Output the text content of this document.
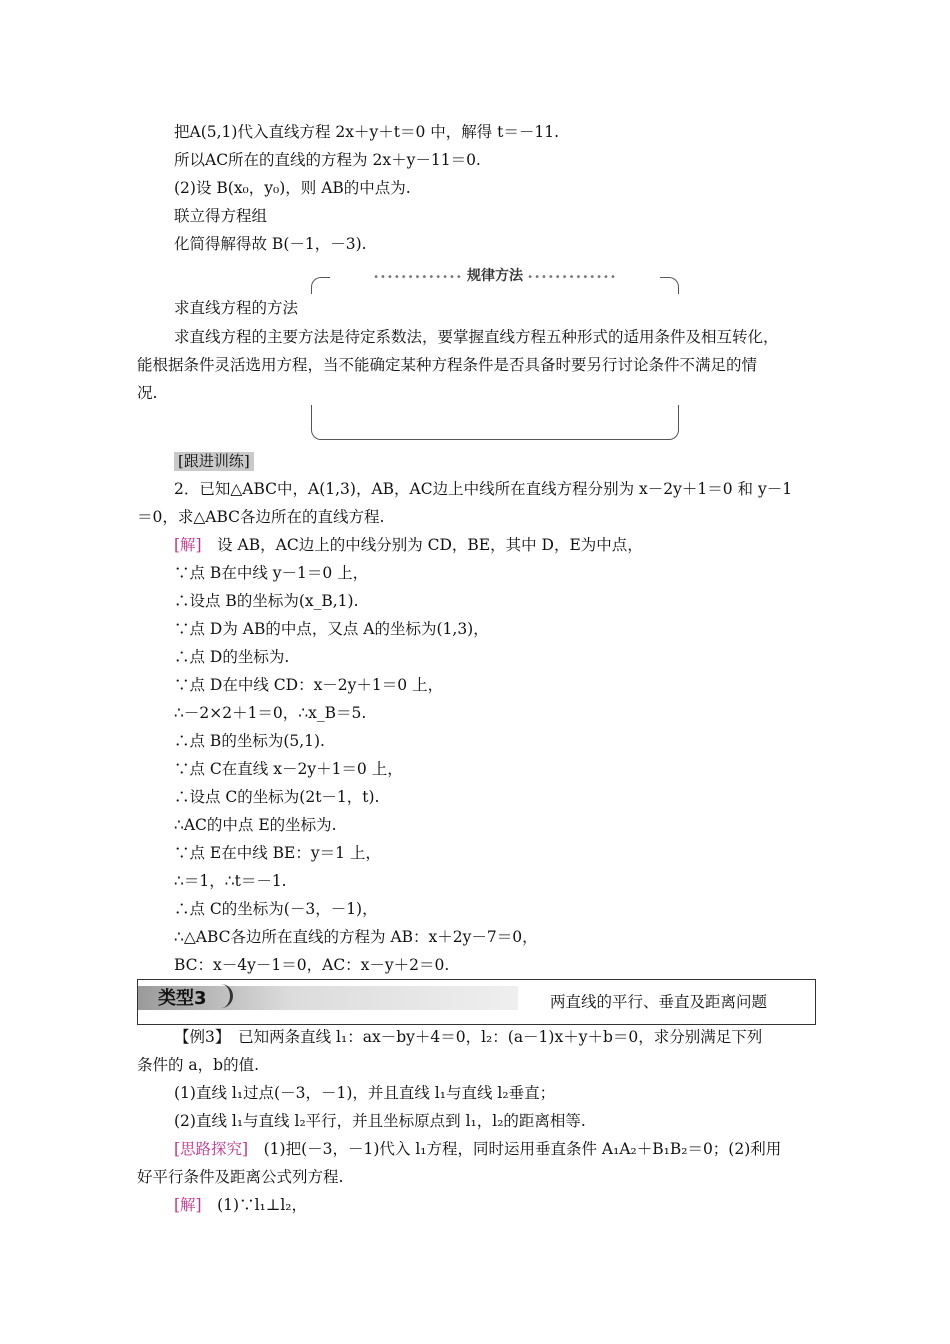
把A(5,1)代入直线方程 2x＋y＋t＝0 中，解得 t＝－11.
所以AC所在的直线的方程为 2x＋y－11＝0.
(2)设 B(x₀，y₀)，则 AB的中点为.
联立得方程组
化简得解得故 B(－1，－3).
••••••••••••• 规律方法 •••••••••••••
求直线方程的方法
求直线方程的主要方法是待定系数法，要掌握直线方程五种形式的适用条件及相互转化，
能根据条件灵活选用方程，当不能确定某种方程条件是否具备时要另行讨论条件不满足的情
况.
[跟进训练]
2．已知△ABC中，A(1,3)，AB，AC边上中线所在直线方程分别为 x－2y＋1＝0 和 y－1
＝0，求△ABC各边所在的直线方程.
[解]　 设 AB，AC边上的中线分别为 CD，BE，其中 D，E为中点，
∵点 B在中线 y－1＝0 上，
∴设点 B的坐标为(x_B,1).
∵点 D为 AB的中点，又点 A的坐标为(1,3)，
∴点 D的坐标为.
∵点 D在中线 CD：x－2y＋1＝0 上，
∴－2×2＋1＝0，∴x_B＝5.
∴点 B的坐标为(5,1).
∵点 C在直线 x－2y＋1＝0 上，
∴设点 C的坐标为(2t－1，t).
∴AC的中点 E的坐标为.
∵点 E在中线 BE：y＝1 上，
∴＝1，∴t＝－1.
∴点 C的坐标为(－3，－1)，
∴△ABC各边所在直线的方程为 AB：x＋2y－7＝0，
BC：x－4y－1＝0，AC：x－y＋2＝0.
类型3	两直线的平行、垂直及距离问题
【例3】　已知两条直线 l₁：ax－by＋4＝0，l₂：(a－1)x＋y＋b＝0，求分别满足下列
条件的 a，b的值.
(1)直线 l₁过点(－3，－1)，并且直线 l₁与直线 l₂垂直；
(2)直线 l₁与直线 l₂平行，并且坐标原点到 l₁，l₂的距离相等.
[思路探究]　 (1)把(－3，－1)代入 l₁方程，同时运用垂直条件 A₁A₂＋B₁B₂＝0；(2)利用
好平行条件及距离公式列方程.
[解]　 (1)∵l₁⊥l₂，
